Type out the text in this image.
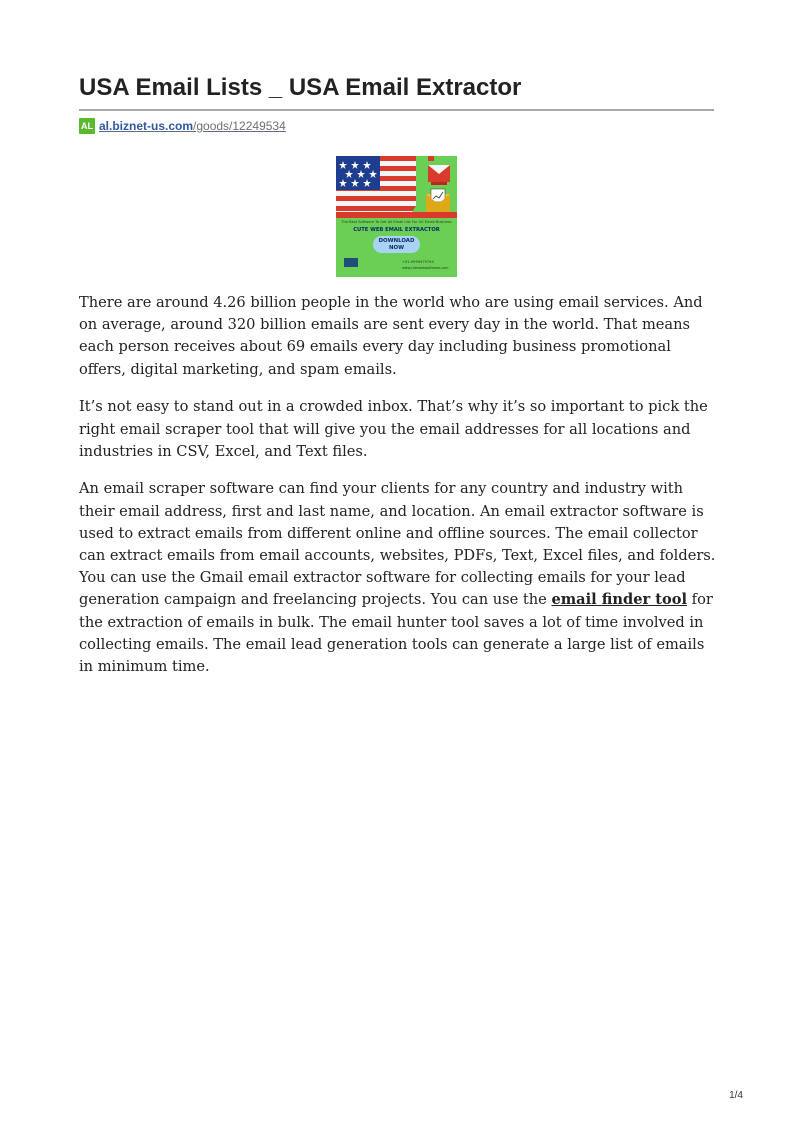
USA Email Lists _ USA Email Extractor
AL al.biznet-us.com/goods/12249534
The Best Software To Get All Email List For US Email Business
CUTE WEB EMAIL EXTRACTOR
DOWNLOAD
NOW
+91-9999479794
www.cutewebsoftware.com

There are around 4.26 billion people in the world who are using email services. And on average, around 320 billion emails are sent every day in the world. That means each person receives about 69 emails every day including business promotional offers, digital marketing, and spam emails.

It’s not easy to stand out in a crowded inbox. That’s why it’s so important to pick the right email scraper tool that will give you the email addresses for all locations and industries in CSV, Excel, and Text files.

An email scraper software can find your clients for any country and industry with their email address, first and last name, and location. An email extractor software is used to extract emails from different online and offline sources. The email collector can extract emails from email accounts, websites, PDFs, Text, Excel files, and folders. You can use the Gmail email extractor software for collecting emails for your lead generation campaign and freelancing projects. You can use the email finder tool for the extraction of emails in bulk. The email hunter tool saves a lot of time involved in collecting emails. The email lead generation tools can generate a large list of emails in minimum time.

1/4
